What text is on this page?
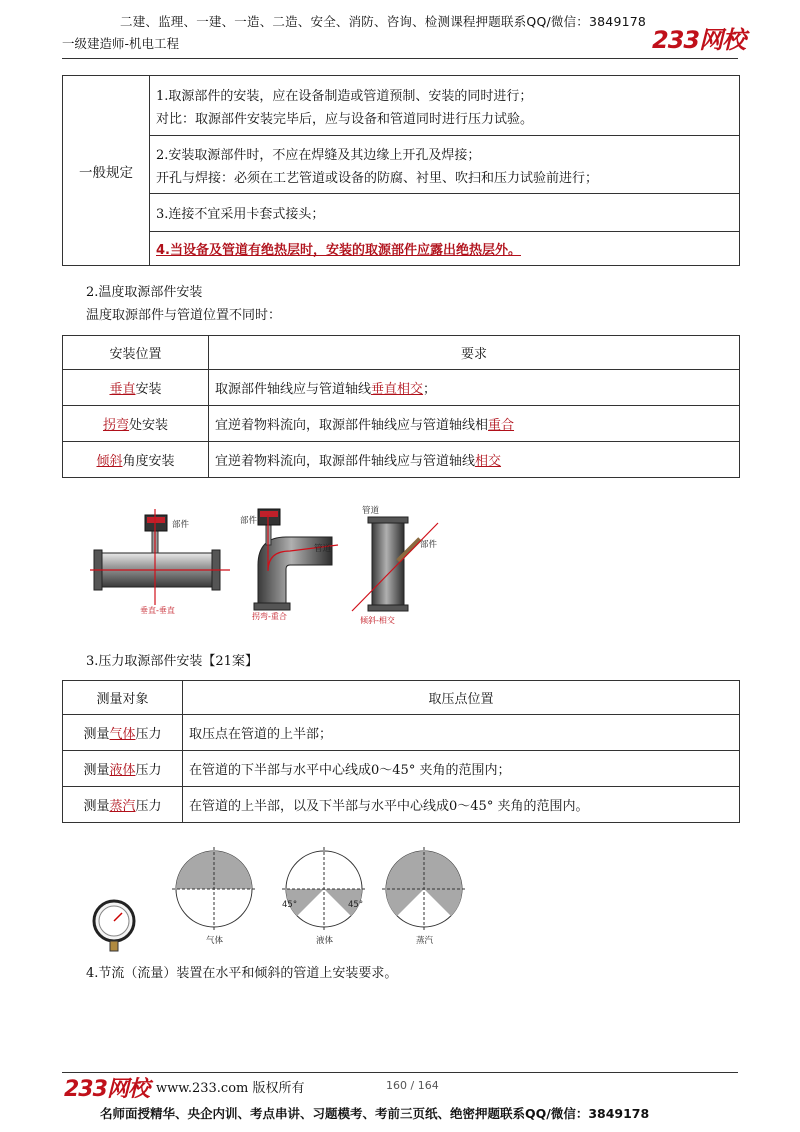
二建、监理、一建、一造、二造、安全、消防、咨询、检测课程押题联系QQ/微信：3849178
一级建造师-机电工程	233网校
一般规定	
1.取源部件的安装，应在设备制造或管道预制、安装的同时进行；
对比：取源部件安装完毕后，应与设备和管道同时进行压力试验。

2.安装取源部件时，不应在焊缝及其边缘上开孔及焊接；
开孔与焊接：必须在工艺管道或设备的防腐、衬里、吹扫和压力试验前进行；

3.连接不宜采用卡套式接头；
4.当设备及管道有绝热层时，安装的取源部件应露出绝热层外。
2.温度取源部件安装
温度取源部件与管道位置不同时：
安装位置	要求
垂直安装	取源部件轴线应与管道轴线垂直相交；
拐弯处安装	宜逆着物料流向，取源部件轴线应与管道轴线相重合
倾斜角度安装	宜逆着物料流向，取源部件轴线应与管道轴线相交
部件
垂直-垂直
部件
管道
拐弯-重合
管道
部件
倾斜-相交
3.压力取源部件安装【21案】
测量对象	取压点位置
测量气体压力	取压点在管道的上半部；
测量液体压力	在管道的下半部与水平中心线成0～45° 夹角的范围内；
测量蒸汽压力	在管道的上半部，以及下半部与水平中心线成0～45° 夹角的范围内。
气体
45°	45°
液体	蒸汽
4.节流（流量）装置在水平和倾斜的管道上安装要求。
233网校 www.233.com 版权所有	160 / 164
名师面授精华、央企内训、考点串讲、习题模考、考前三页纸、绝密押题联系QQ/微信：3849178
